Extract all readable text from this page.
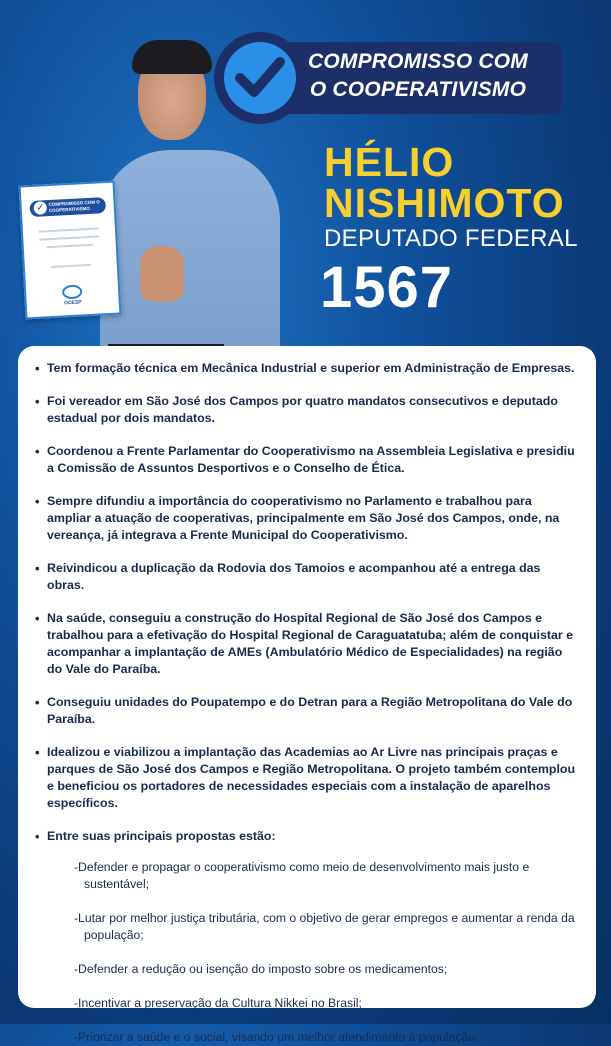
✓ COMPROMISSO COM O COOPERATIVISMO
OCESP
COMPROMISSO COM
O COOPERATIVISMO
HÉLIO
NISHIMOTO
DEPUTADO FEDERAL
1567
• Tem formação técnica em Mecânica Industrial e superior em Administração de Empresas.
• Foi vereador em São José dos Campos por quatro mandatos consecutivos e deputado estadual por dois mandatos.
• Coordenou a Frente Parlamentar do Cooperativismo na Assembleia Legislativa e presidiu a Comissão de Assuntos Desportivos e o Conselho de Ética.
• Sempre difundiu a importância do cooperativismo no Parlamento e trabalhou para ampliar a atuação de cooperativas, principalmente em São José dos Campos, onde, na vereança, já integrava a Frente Municipal do Cooperativismo.
• Reivindicou a duplicação da Rodovia dos Tamoios e acompanhou até a entrega das obras.
• Na saúde, conseguiu a construção do Hospital Regional de São José dos Campos e trabalhou para a efetivação do Hospital Regional de Caraguatatuba; além de conquistar e acompanhar a implantação de AMEs (Ambulatório Médico de Especialidades) na região do Vale do Paraíba.
• Conseguiu unidades do Poupatempo e do Detran para a Região Metropolitana do Vale do Paraíba.
• Idealizou e viabilizou a implantação das Academias ao Ar Livre nas principais praças e parques de São José dos Campos e Região Metropolitana. O projeto também contemplou e beneficiou os portadores de necessidades especiais com a instalação de aparelhos específicos.
• Entre suas principais propostas estão:
-Defender e propagar o cooperativismo como meio de desenvolvimento mais justo e sustentável;
-Lutar por melhor justiça tributária, com o objetivo de gerar empregos e aumentar a renda da população;
-Defender a redução ou isenção do imposto sobre os medicamentos;
-Incentivar a preservação da Cultura Nikkei no Brasil;
-Priorizar a saúde e o social, visando um melhor atendimento à população.
